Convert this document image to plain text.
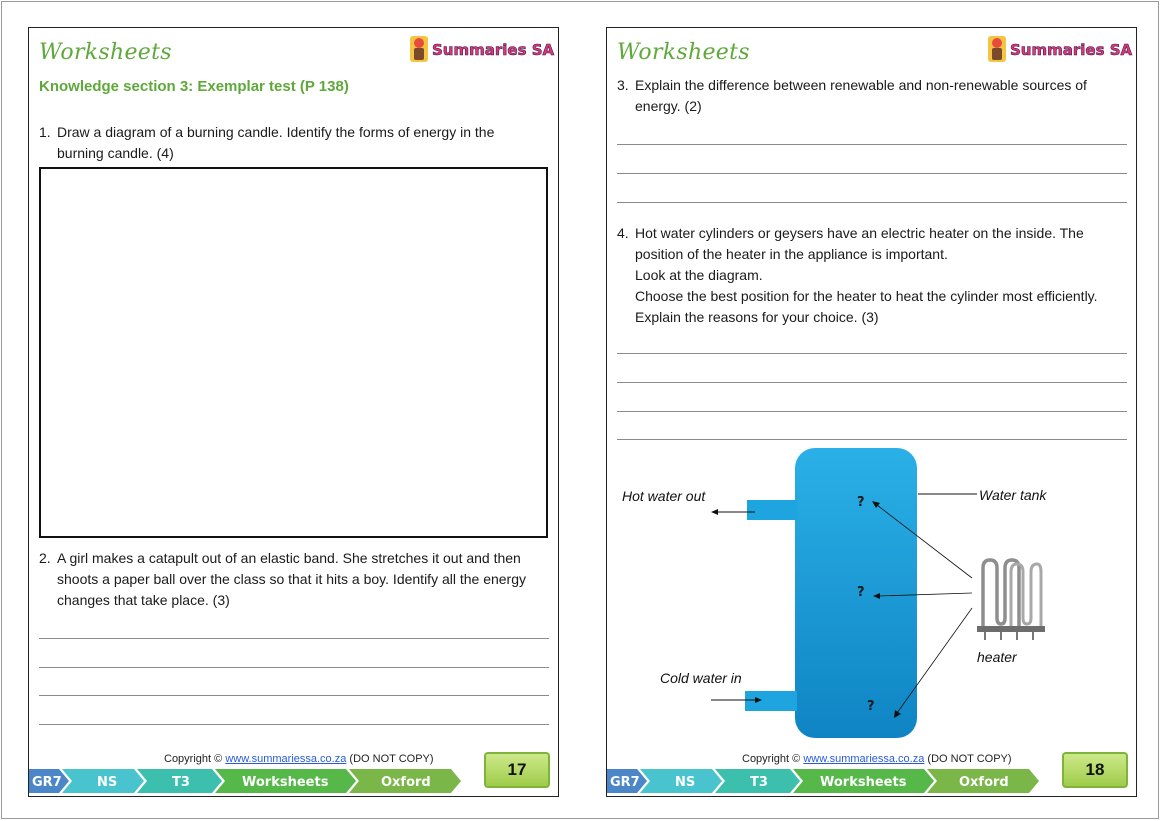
Worksheets	Summaries SA
Knowledge section 3: Exemplar test (P 138)
1. Draw a diagram of a burning candle. Identify the forms of energy in the
burning candle. (4)
2. A girl makes a catapult out of an elastic band. She stretches it out and then
shoots a paper ball over the class so that it hits a boy. Identify all the energy
changes that take place. (3)
Copyright © www.summariessa.co.za (DO NOT COPY)
GR7	NS	T3	Worksheets	Oxford
17
Worksheets	Summaries SA
3. Explain the difference between renewable and non-renewable sources of
energy. (2)
4. Hot water cylinders or geysers have an electric heater on the inside. The
position of the heater in the appliance is important.
Look at the diagram.
Choose the best position for the heater to heat the cylinder most efficiently.
Explain the reasons for your choice. (3)
?
?
?
Hot water out	Water tank
Cold water in
heater
Copyright © www.summariessa.co.za (DO NOT COPY)
GR7	NS	T3	Worksheets	Oxford
18
